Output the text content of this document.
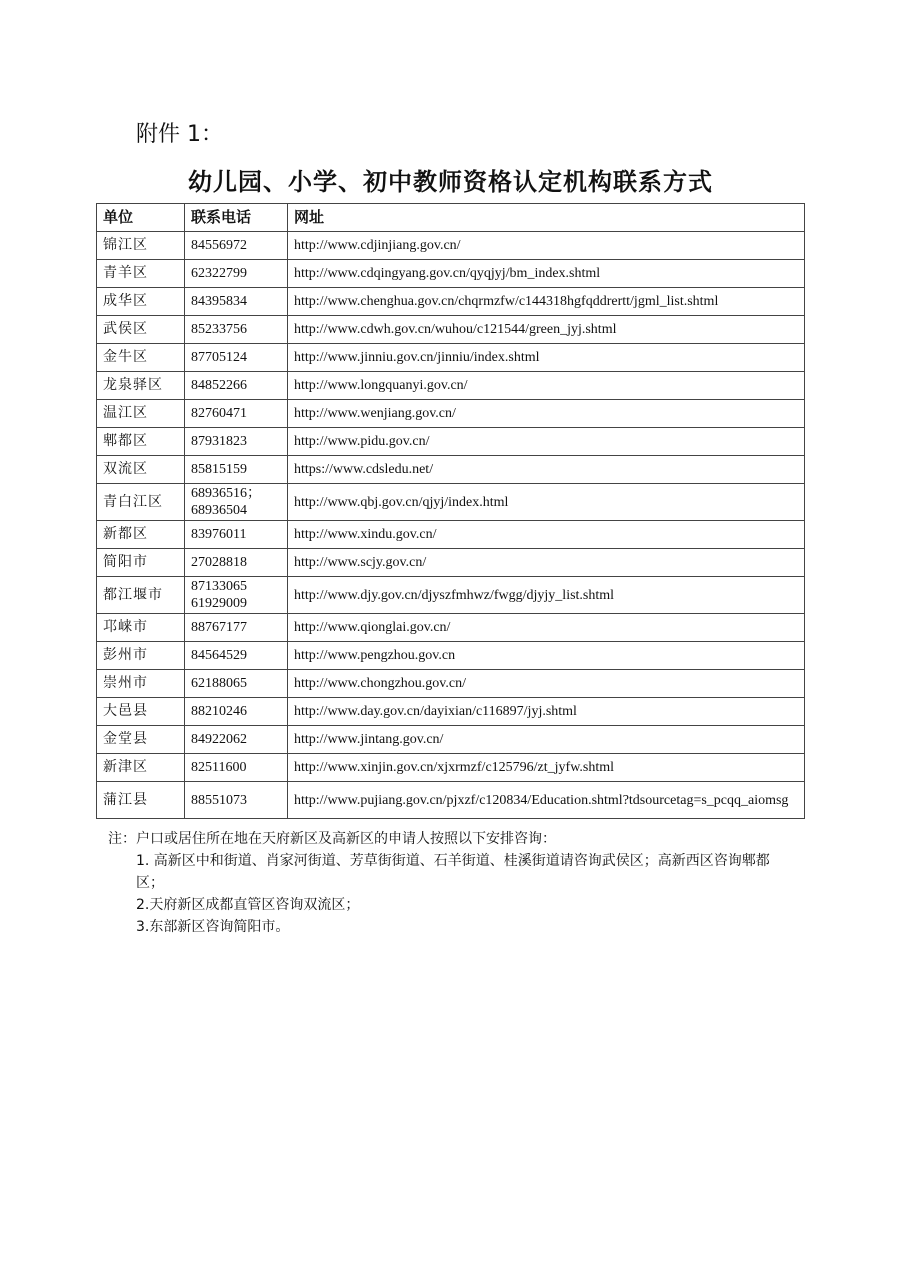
附件 1：
幼儿园、小学、初中教师资格认定机构联系方式
单位	联系电话	网址
锦江区	84556972	http://www.cdjinjiang.gov.cn/
青羊区	62322799	http://www.cdqingyang.gov.cn/qyqjyj/bm_index.shtml
成华区	84395834	http://www.chenghua.gov.cn/chqrmzfw/c144318hgfqddrertt/jgml_list.shtml
武侯区	85233756	http://www.cdwh.gov.cn/wuhou/c121544/green_jyj.shtml
金牛区	87705124	http://www.jinniu.gov.cn/jinniu/index.shtml
龙泉驿区	84852266	http://www.longquanyi.gov.cn/
温江区	82760471	http://www.wenjiang.gov.cn/
郫都区	87931823	http://www.pidu.gov.cn/
双流区	85815159	https://www.cdsledu.net/
青白江区	68936516；68936504	http://www.qbj.gov.cn/qjyj/index.html
新都区	83976011	http://www.xindu.gov.cn/
简阳市	27028818	http://www.scjy.gov.cn/
都江堰市	87133065 61929009	http://www.djy.gov.cn/djyszfmhwz/fwgg/djyjy_list.shtml
邛崃市	88767177	http://www.qionglai.gov.cn/
彭州市	84564529	http://www.pengzhou.gov.cn
崇州市	62188065	http://www.chongzhou.gov.cn/
大邑县	88210246	http://www.day.gov.cn/dayixian/c116897/jyj.shtml
金堂县	84922062	http://www.jintang.gov.cn/
新津区	82511600	http://www.xinjin.gov.cn/xjxrmzf/c125796/zt_jyfw.shtml
蒲江县	88551073	http://www.pujiang.gov.cn/pjxzf/c120834/Education.shtml?tdsourcetag=s_pcqq_aiomsg

注：户口或居住所在地在天府新区及高新区的申请人按照以下安排咨询：

1. 高新区中和街道、肖家河街道、芳草街街道、石羊街道、桂溪街道请咨询武侯区；高新西区咨询郫都区；

2.天府新区成都直管区咨询双流区；

3.东部新区咨询简阳市。
